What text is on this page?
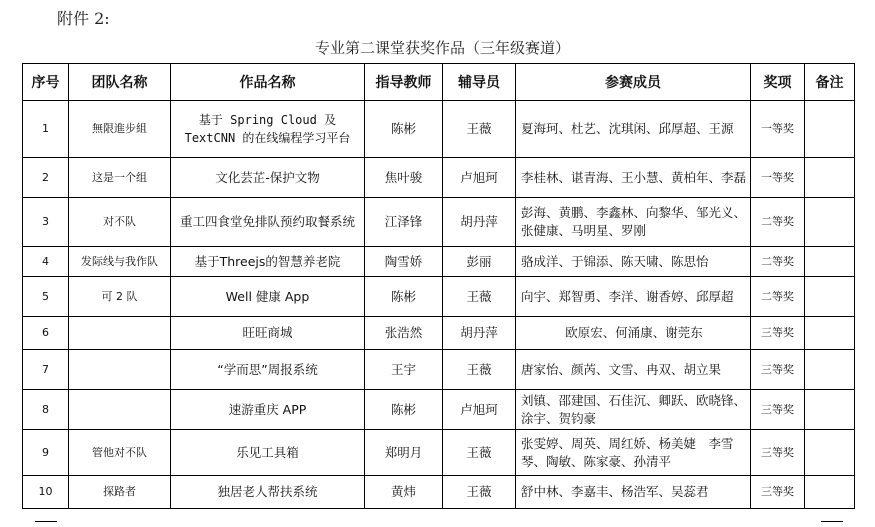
附件 2:
专业第二课堂获奖作品（三年级赛道）
序号	团队名称	作品名称	指导教师	辅导员	参赛成员	奖项	备注
1	無限進步組	基于 Spring Cloud 及 TextCNN 的在线编程学习平台	陈彬	王薇	夏海珂、杜艺、沈琪闲、邱厚超、王源	一等奖	
2	这是一个组	文化芸芷-保护文物	焦叶骏	卢旭珂	李桂林、谌青海、王小慧、黄柏年、李磊	一等奖	
3	对不队	重工四食堂免排队预约取餐系统	江泽锋	胡丹萍	彭海、黄鹏、李鑫林、向黎华、邹光义、张健康、马明星、罗刚	二等奖	
4	发际线与我作队	基于Threejs的智慧养老院	陶雪娇	彭丽	骆成洋、于锦添、陈天啸、陈思怡	二等奖	
5	可 2 队	Well 健康 App	陈彬	王薇	向宇、郑智勇、李洋、谢香婷、邱厚超	二等奖	
6		旺旺商城	张浩然	胡丹萍	欧原宏、何涌康、谢莞东	三等奖	
7		“学而思”周报系统	王宇	王薇	唐家怡、颜芮、文雪、冉双、胡立果	三等奖	
8		速游重庆 APP	陈彬	卢旭珂	刘镇、邵建国、石佳沉、卿跃、欧晓锋、涂宇、贺钧豪	三等奖	
9	管他对不队	乐见工具箱	郑明月	王薇	张雯婷、周英、周红娇、杨美婕　李雪琴、陶敏、陈家豪、孙清平	三等奖	
10	探路者	独居老人帮扶系统	黄炜	王薇	舒中林、李嘉丰、杨浩军、吴蕊君	三等奖	
